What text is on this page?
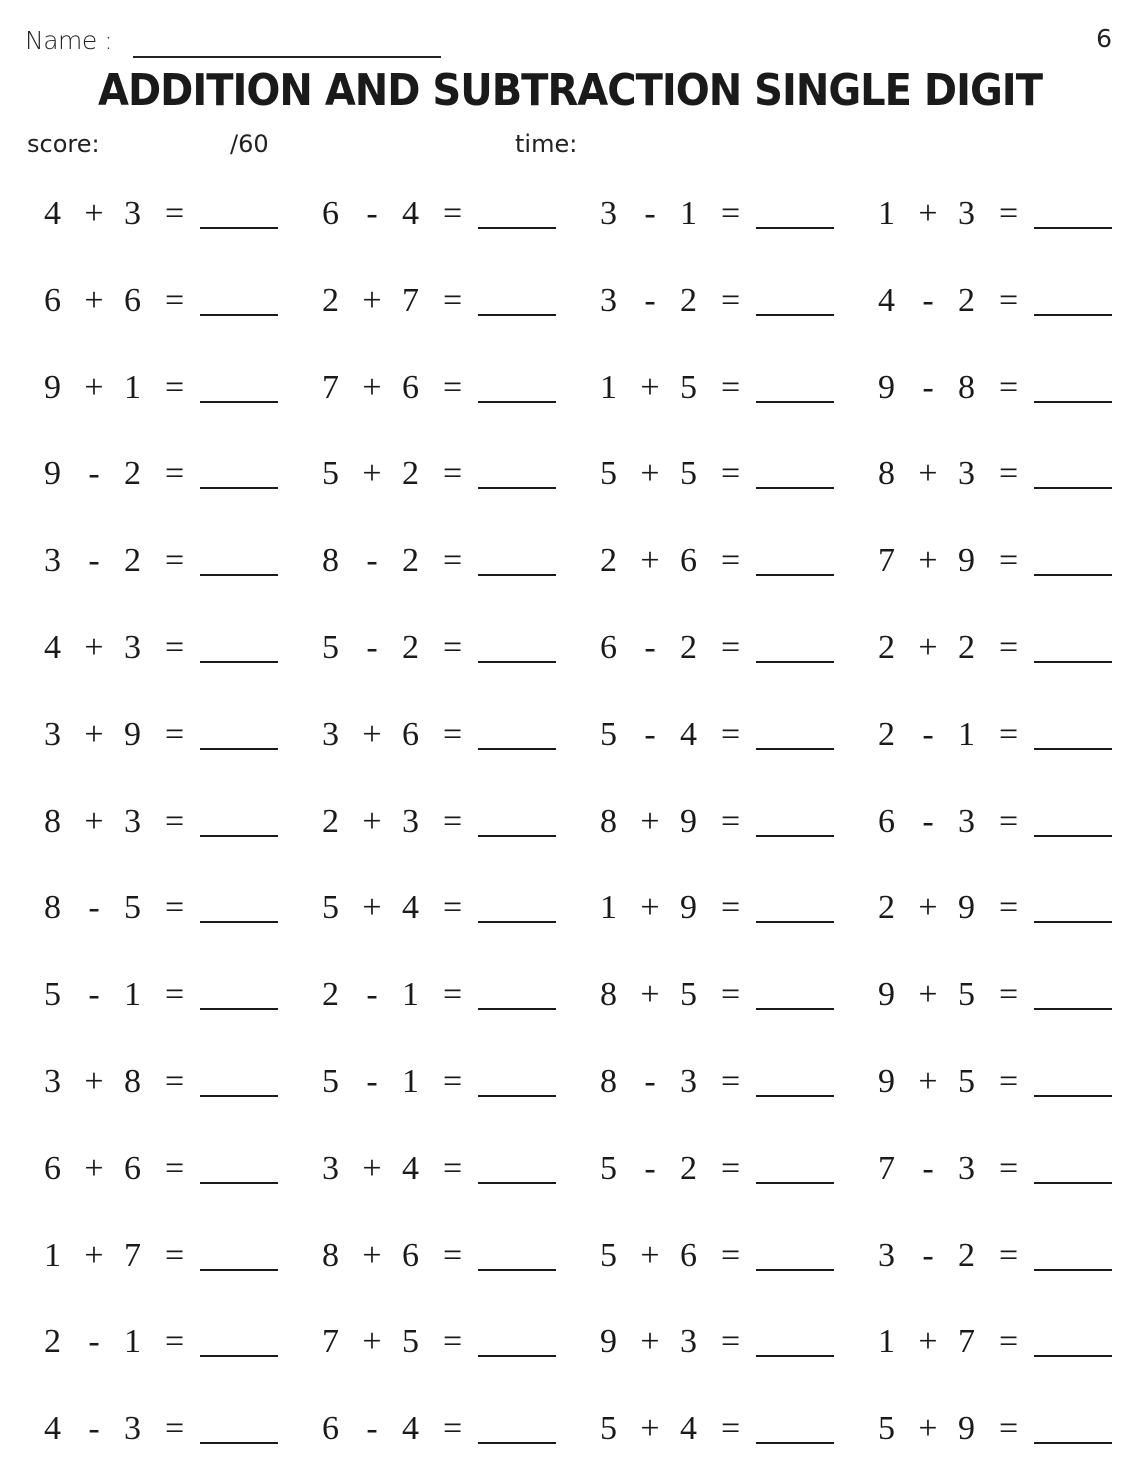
Name :	6
ADDITION AND SUBTRACTION SINGLE DIGIT
score:	/60	time:
4 + 3 =	6 - 4 =	3 - 1 =	1 + 3 =
6 + 6 =	2 + 7 =	3 - 2 =	4 - 2 =
9 + 1 =	7 + 6 =	1 + 5 =	9 - 8 =
9 - 2 =	5 + 2 =	5 + 5 =	8 + 3 =
3 - 2 =	8 - 2 =	2 + 6 =	7 + 9 =
4 + 3 =	5 - 2 =	6 - 2 =	2 + 2 =
3 + 9 =	3 + 6 =	5 - 4 =	2 - 1 =
8 + 3 =	2 + 3 =	8 + 9 =	6 - 3 =
8 - 5 =	5 + 4 =	1 + 9 =	2 + 9 =
5 - 1 =	2 - 1 =	8 + 5 =	9 + 5 =
3 + 8 =	5 - 1 =	8 - 3 =	9 + 5 =
6 + 6 =	3 + 4 =	5 - 2 =	7 - 3 =
1 + 7 =	8 + 6 =	5 + 6 =	3 - 2 =
2 - 1 =	7 + 5 =	9 + 3 =	1 + 7 =
4 - 3 =	6 - 4 =	5 + 4 =	5 + 9 =
